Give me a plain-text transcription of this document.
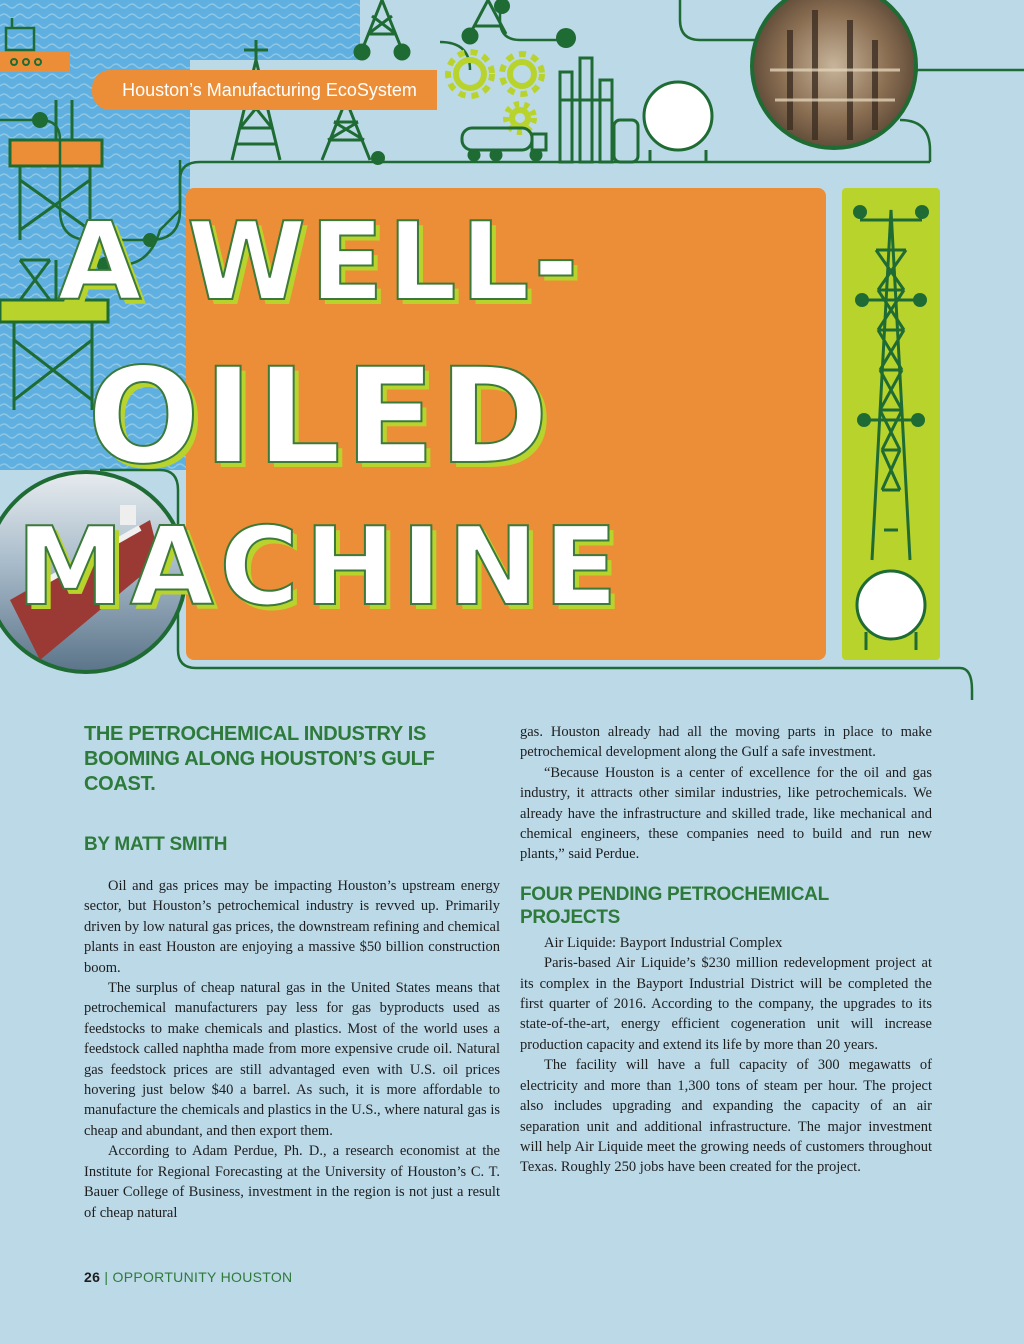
Houston’s Manufacturing EcoSystem
A WELL-
OILED
MACHINE
THE PETROCHEMICAL INDUSTRY IS BOOMING ALONG HOUSTON’S GULF COAST.
BY MATT SMITH

Oil and gas prices may be impacting Houston’s upstream energy sector, but Houston’s petrochemical industry is revved up. Primarily driven by low natural gas prices, the downstream refining and chemical plants in east Houston are enjoying a massive $50 billion construction boom.

The surplus of cheap natural gas in the United States means that petrochemical manufacturers pay less for gas byproducts used as feedstocks to make chemicals and plastics. Most of the world uses a feedstock called naphtha made from more expensive crude oil. Natural gas feedstock prices are still advantaged even with U.S. oil prices hovering just below $40 a barrel. As such, it is more affordable to manufacture the chemicals and plastics in the U.S., where natural gas is cheap and abundant, and then export them.

According to Adam Perdue, Ph. D., a research economist at the Institute for Regional Forecasting at the University of Houston’s C. T. Bauer College of Business, investment in the region is not just a result of cheap natural

gas. Houston already had all the moving parts in place to make petrochemical development along the Gulf a safe investment.

“Because Houston is a center of excellence for the oil and gas industry, it attracts other similar industries, like petrochemicals. We already have the infrastructure and skilled trade, like mechanical and chemical engineers, these companies need to build and run new plants,” said Perdue.

FOUR PENDING PETROCHEMICAL PROJECTS

Air Liquide: Bayport Industrial Complex

Paris-based Air Liquide’s $230 million redevelopment project at its complex in the Bayport Industrial District will be completed the first quarter of 2016. According to the company, the upgrades to its state-of-the-art, energy efficient cogeneration unit will increase production capacity and extend its life by more than 20 years.

The facility will have a full capacity of 300 megawatts of electricity and more than 1,300 tons of steam per hour. The project also includes upgrading and expanding the capacity of an air separation unit and additional infrastructure. The major investment will help Air Liquide meet the growing needs of customers throughout Texas. Roughly 250 jobs have been created for the project.

26 | OPPORTUNITY HOUSTON
